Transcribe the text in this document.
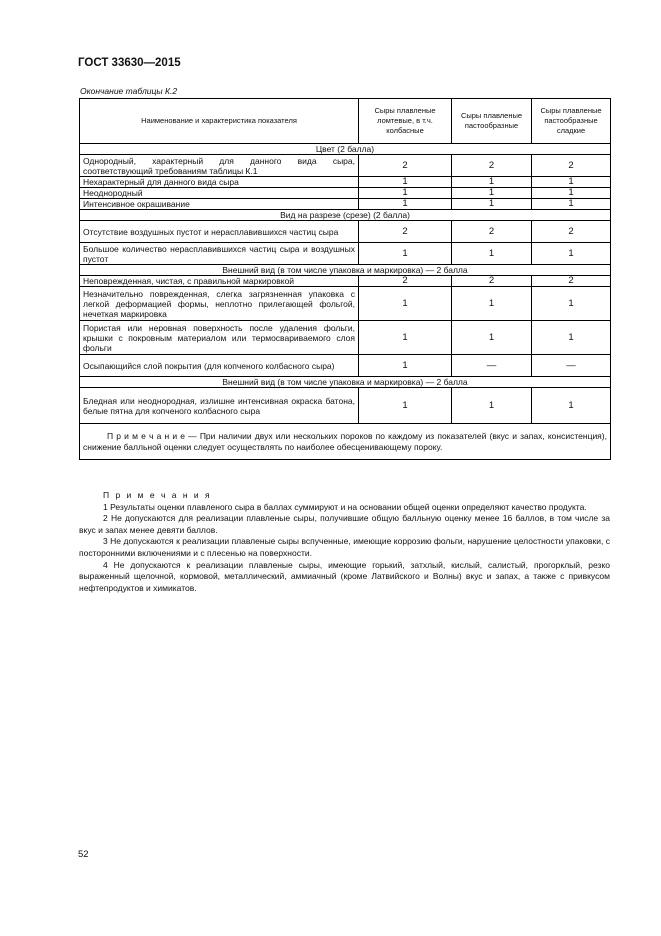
ГОСТ 33630—2015
Окончание таблицы К.2
Наименование и характеристика показателя	Сыры плавленые ломтевые, в т.ч. колбасные	Сыры плавленые пастообразные	Сыры плавленые пастообразные сладкие
Цвет (2 балла)			
Однородный, характерный для данного вида сыра, соответствующий требованиям таблицы К.1	2	2	2
Нехарактерный для данного вида сыра	1	1	1
Неоднородный	1	1	1
Интенсивное окрашивание	1	1	1
Вид на разрезе (срезе) (2 балла)			
Отсутствие воздушных пустот и нерасплавившихся частиц сыра	2	2	2
Большое количество нерасплавившихся частиц сыра и воздушных пустот	1	1	1
Внешний вид (в том числе упаковка и маркировка) — 2 балла			
Неповрежденная, чистая, с правильной маркировкой	2	2	2
Незначительно поврежденная, слегка загрязненная упаковка с легкой деформацией формы, неплотно прилегающей фольгой, нечеткая маркировка	1	1	1
Пористая или неровная поверхность после удаления фольги, крышки с покровным материалом или термосвариваемого слоя фольги	1	1	1
Осыпающийся слой покрытия (для копченого колбасного сыра)	1	—	—
Внешний вид (в том числе упаковка и маркировка) — 2 балла			
Бледная или неоднородная, излишне интенсивная окраска батона, белые пятна для копченого колбасного сыра	1	1	1
П р и м е ч а н и е — При наличии двух или нескольких пороков по каждому из показателей (вкус и запах, консистенция), снижение балльной оценки следует осуществлять по наиболее обесценивающему пороку.			

П р и м е ч а н и я

1 Результаты оценки плавленого сыра в баллах суммируют и на основании общей оценки определяют качество продукта.

2 Не допускаются для реализации плавленые сыры, получившие общую балльную оценку менее 16 баллов, в том числе за вкус и запах менее девяти баллов.

3 Не допускаются к реализации плавленые сыры вспученные, имеющие коррозию фольги, нарушение целостности упаковки, с посторонними включениями и с плесенью на поверхности.

4 Не допускаются к реализации плавленые сыры, имеющие горький, затхлый, кислый, салистый, прогорклый, резко выраженный щелочной, кормовой, металлический, аммиачный (кроме Латвийского и Волны) вкус и запах, а также с привкусом нефтепродуктов и химикатов.

52
